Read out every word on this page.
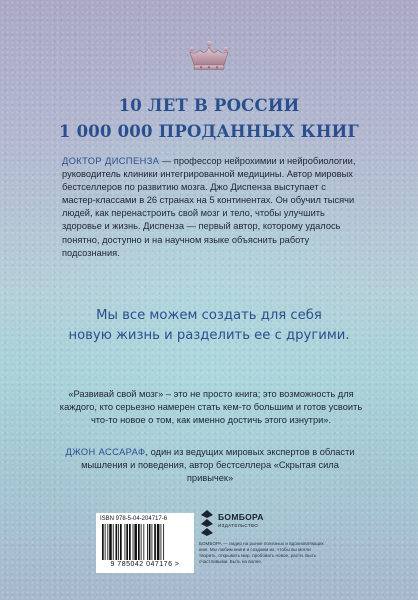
10 ЛЕТ В РОССИИ
1 000 000 ПРОДАННЫХ КНИГ
ДОКТОР ДИСПЕНЗА — профессор нейрохимии и нейробиологии, руководитель клиники интегрированной медицины. Автор мировых бестселлеров по развитию мозга. Джо Диспенза выступает с мастер-классами в 26 странах на 5 континентах. Он обучил тысячи людей, как перенастроить свой мозг и тело, чтобы улучшить здоровье и жизнь. Диспенза — первый автор, которому удалось понятно, доступно и на научном языке объяснить работу подсознания.
Мы все можем создать для себя
новую жизнь и разделить ее с другими.
«Развивай свой мозг» – это не просто книга; это возможность для каждого, кто серьезно намерен стать кем-то большим и готов усвоить что-то новое о том, как именно достичь этого изнутри».
ДЖОН АССАРАФ, один из ведущих мировых экспертов в области мышления и поведения, автор бестселлера «Скрытая сила привычек»
ISBN 978-5-04-204717-6
9 785042 047176 >
БОМБОРА
ИЗДАТЕЛЬСТВО
БОМБОРА — лидер на рынке полезных и вдохновляющих книг. Мы любим книги и создаем их, чтобы вы могли творить, открывать мир, пробовать новое, расти. Быть счастливыми. Быть на волне.
